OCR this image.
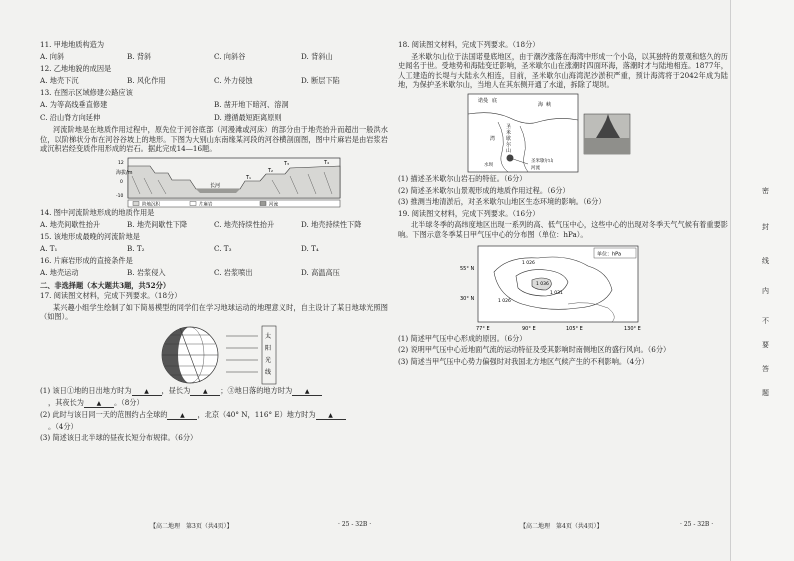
11. 甲地地质构造为
A. 向斜	B. 背斜	C. 向斜谷	D. 背斜山
12. 乙地地貌的成因是
A. 地壳下沉	B. 风化作用	C. 外力侵蚀	D. 断层下陷
13. 在图示区域修建公路应该
A. 为等高线垂直修建	B. 凿开地下暗河、溶洞
C. 沿山脊方向延伸	D. 遵循最短距离原则
河流阶地是在地质作用过程中，原先位于河谷底部（河漫滩或河床）的部分由于地壳抬升而超出一般洪水位，以阶梯状分布在河谷谷坡上的地形。下图为大别山东南缘某河段的河谷横剖面图，图中片麻岩是由岩浆岩或沉积岩经变质作用形成的岩石。据此完成14—16题。
海拔/m
12
0
-10
长河
T₁
T₂
T₃	T₄
阶地沉积	片麻岩	河流
14. 图中河流阶地形成的地质作用是
A. 地壳间歇性抬升	B. 地壳间歇性下降	C. 地壳持续性抬升	D. 地壳持续性下降
15. 该地形成最晚的河流阶地是
A. T₁	B. T₂	C. T₃	D. T₄
16. 片麻岩形成的直接条件是
A. 地壳运动	B. 岩浆侵入	C. 岩浆喷出	D. 高温高压
二、非选择题（本大题共3题，共52分）
17. 阅读图文材料，完成下列要求。（18分）
某兴趣小组学生绘制了如下简易模型的同学们在学习地球运动的地理意义时，自主设计了某日地球光照图（如图）。
太
阳
光
线
(1) 该日①地的日出地方时为 ▲ ，昼长为 ▲ ；③地日落的地方时为 ▲
，其夜长为 ▲ 。（8分）
(2) 此时与该日同一天的范围约占全球的 ▲ ，北京（40° N，116° E）地方时为 ▲
。（4分）
(3) 简述该日北半球的昼夜长短分布规律。（6分）
【高二地理　第3页（共4页）】	· 25 - 32B ·
18. 阅读图文材料，完成下列要求。（18分）
圣米歇尔山位于法国诺曼底地区，由于潮汐涨落在海湾中形成一个小岛，以其独特的景观和悠久的历史闻名于世。受地势和海陆变迁影响，圣米歇尔山在涨潮时四面环海，落潮时才与陆地相连。1877年，人工建造的长堤与大陆永久相连，目前，圣米歇尔山海湾泥沙淤积严重，预计海湾将于2042年成为陆地，为保护圣米歇尔山，当地人在其东侧开通了水道，拆除了堤坝。
诺曼 底
海 峡
圣
米
歇
尔
山
湾
圣米歇尔山
水坝
河流
(1) 描述圣米歇尔山岩石的特征。（6分）
(2) 简述圣米歇尔山景观形成的地质作用过程。（6分）
(3) 推测当地清淤后，对圣米歇尔山地区生态环境的影响。（6分）
19. 阅读图文材料，完成下列要求。（16分）
北半球冬季的高纬度地区出现一系列的高、低气压中心，这些中心的出现对冬季天气气候有着重要影响。下图示意冬季某日甲气压中心的分布图（单位：hPa）。
单位：hPa
1 026
1 036
1 031
1 026
55° N
30° N
77° E	90° E	105° E	130° E
(1) 简述甲气压中心形成的原因。（6分）
(2) 说明甲气压中心近地面气流的运动特征及受其影响时南侧地区的盛行风向。（6分）
(3) 简述当甲气压中心势力偏强时对我国北方地区气候产生的不利影响。（4分）
【高二地理　第4页（共4页）】	· 25 - 32B ·
密
封
线
内
不
要
答
题
